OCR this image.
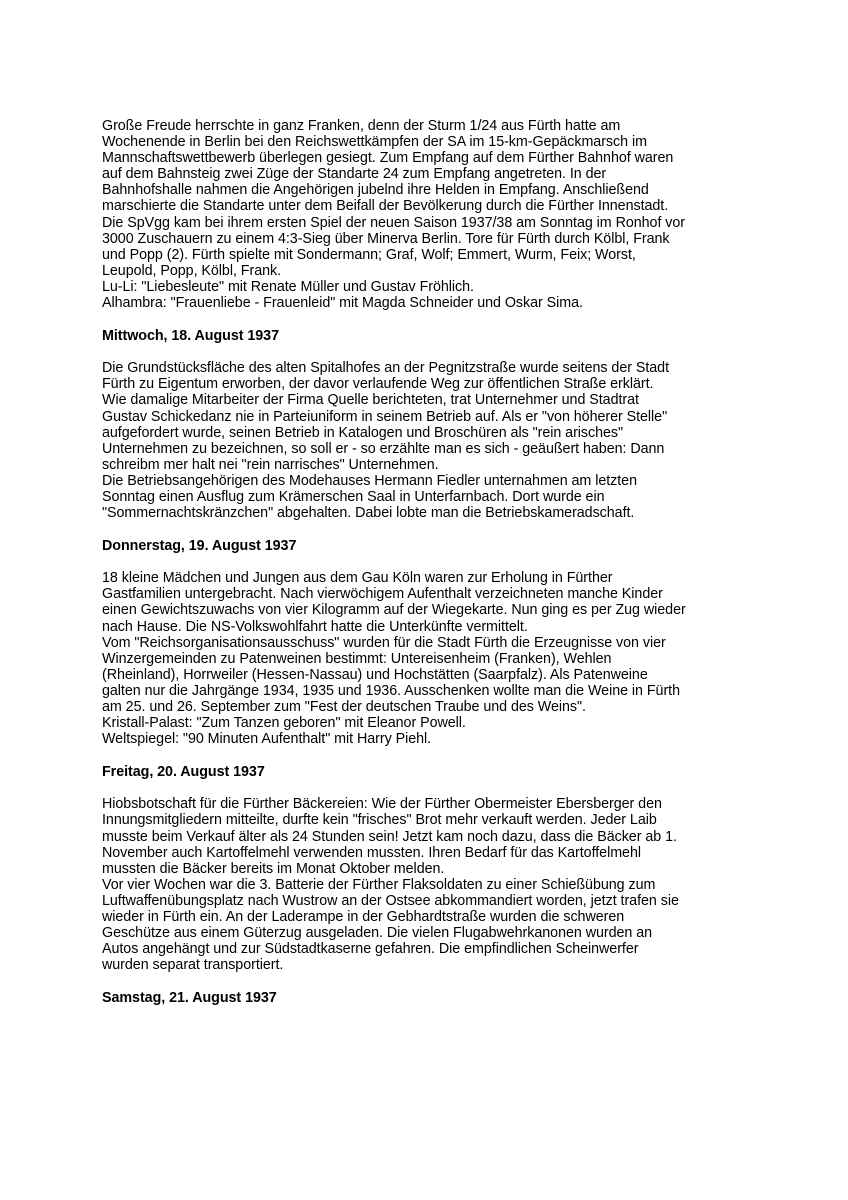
Große Freude herrschte in ganz Franken, denn der Sturm 1/24 aus Fürth hatte am

Wochenende in Berlin bei den Reichswettkämpfen der SA im 15-km-Gepäckmarsch im

Mannschaftswettbewerb überlegen gesiegt. Zum Empfang auf dem Fürther Bahnhof waren

auf dem Bahnsteig zwei Züge der Standarte 24 zum Empfang angetreten. In der

Bahnhofshalle nahmen die Angehörigen jubelnd ihre Helden in Empfang. Anschließend

marschierte die Standarte unter dem Beifall der Bevölkerung durch die Fürther Innenstadt.

Die SpVgg kam bei ihrem ersten Spiel der neuen Saison 1937/38 am Sonntag im Ronhof vor

3000 Zuschauern zu einem 4:3-Sieg über Minerva Berlin. Tore für Fürth durch Kölbl, Frank

und Popp (2). Fürth spielte mit Sondermann; Graf, Wolf; Emmert, Wurm, Feix; Worst,

Leupold, Popp, Kölbl, Frank.

Lu-Li: "Liebesleute" mit Renate Müller und Gustav Fröhlich.

Alhambra: "Frauenliebe - Frauenleid" mit Magda Schneider und Oskar Sima.

Mittwoch, 18. August 1937

Die Grundstücksfläche des alten Spitalhofes an der Pegnitzstraße wurde seitens der Stadt

Fürth zu Eigentum erworben, der davor verlaufende Weg zur öffentlichen Straße erklärt.

Wie damalige Mitarbeiter der Firma Quelle berichteten, trat Unternehmer und Stadtrat

Gustav Schickedanz nie in Parteiuniform in seinem Betrieb auf. Als er "von höherer Stelle"

aufgefordert wurde, seinen Betrieb in Katalogen und Broschüren als "rein arisches"

Unternehmen zu bezeichnen, so soll er - so erzählte man es sich - geäußert haben: Dann

schreibm mer halt nei "rein narrisches" Unternehmen.

Die Betriebsangehörigen des Modehauses Hermann Fiedler unternahmen am letzten

Sonntag einen Ausflug zum Krämerschen Saal in Unterfarnbach. Dort wurde ein

"Sommernachtskränzchen" abgehalten. Dabei lobte man die Betriebskameradschaft.

Donnerstag, 19. August 1937

18 kleine Mädchen und Jungen aus dem Gau Köln waren zur Erholung in Fürther

Gastfamilien untergebracht. Nach vierwöchigem Aufenthalt verzeichneten manche Kinder

einen Gewichtszuwachs von vier Kilogramm auf der Wiegekarte. Nun ging es per Zug wieder

nach Hause. Die NS-Volkswohlfahrt hatte die Unterkünfte vermittelt.

Vom "Reichsorganisationsausschuss" wurden für die Stadt Fürth die Erzeugnisse von vier

Winzergemeinden zu Patenweinen bestimmt: Untereisenheim (Franken), Wehlen

(Rheinland), Horrweiler (Hessen-Nassau) und Hochstätten (Saarpfalz). Als Patenweine

galten nur die Jahrgänge 1934, 1935 und 1936. Ausschenken wollte man die Weine in Fürth

am 25. und 26. September zum "Fest der deutschen Traube und des Weins".

Kristall-Palast: "Zum Tanzen geboren" mit Eleanor Powell.

Weltspiegel: "90 Minuten Aufenthalt" mit Harry Piehl.

Freitag, 20. August 1937

Hiobsbotschaft für die Fürther Bäckereien: Wie der Fürther Obermeister Ebersberger den

Innungsmitgliedern mitteilte, durfte kein "frisches" Brot mehr verkauft werden. Jeder Laib

musste beim Verkauf älter als 24 Stunden sein! Jetzt kam noch dazu, dass die Bäcker ab 1.

November auch Kartoffelmehl verwenden mussten. Ihren Bedarf für das Kartoffelmehl

mussten die Bäcker bereits im Monat Oktober melden.

Vor vier Wochen war die 3. Batterie der Fürther Flaksoldaten zu einer Schießübung zum

Luftwaffenübungsplatz nach Wustrow an der Ostsee abkommandiert worden, jetzt trafen sie

wieder in Fürth ein. An der Laderampe in der Gebhardtstraße wurden die schweren

Geschütze aus einem Güterzug ausgeladen. Die vielen Flugabwehrkanonen wurden an

Autos angehängt und zur Südstadtkaserne gefahren. Die empfindlichen Scheinwerfer

wurden separat transportiert.

Samstag, 21. August 1937
